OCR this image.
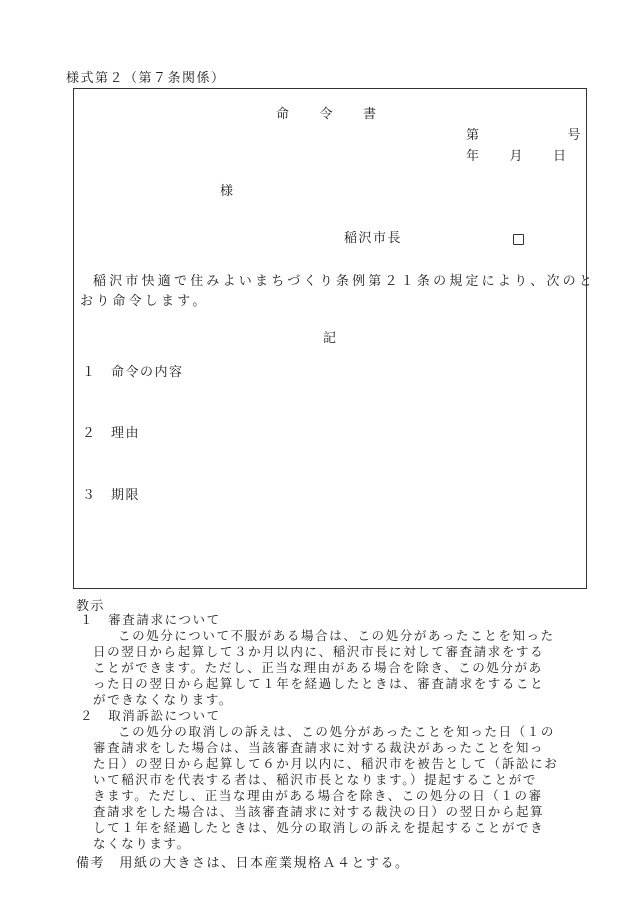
様式第２（第７条関係）
命　　令　　書
第　　　　　　号
年　　月　　日
様
稲沢市長
稲沢市快適で住みよいまちづくり条例第２１条の規定により、次のと
おり命令します。
記
１　命令の内容
２　理由
３　期限
教示
１　審査請求について
この処分について不服がある場合は、この処分があったことを知った
日の翌日から起算して３か月以内に、稲沢市長に対して審査請求をする
ことができます。ただし、正当な理由がある場合を除き、この処分があ
った日の翌日から起算して１年を経過したときは、審査請求をすること
ができなくなります。
２　取消訴訟について
この処分の取消しの訴えは、この処分があったことを知った日（１の
審査請求をした場合は、当該審査請求に対する裁決があったことを知っ
た日）の翌日から起算して６か月以内に、稲沢市を被告として（訴訟にお
いて稲沢市を代表する者は、稲沢市長となります。）提起することがで
きます。ただし、正当な理由がある場合を除き、この処分の日（１の審
査請求をした場合は、当該審査請求に対する裁決の日）の翌日から起算
して１年を経過したときは、処分の取消しの訴えを提起することができ
なくなります。
備考　用紙の大きさは、日本産業規格Ａ４とする。
